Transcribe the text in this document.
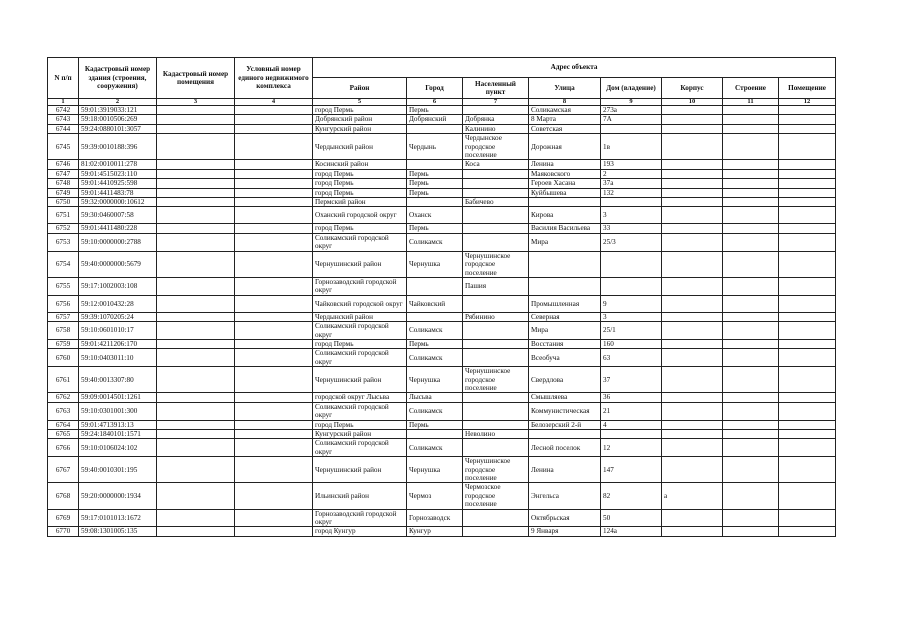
N п/п	Кадастровый номер здания (строения, сооружения)	Кадастровый номер помещения	Условный номер единого недвижимого комплекса	Адрес объекта							
				Район	Город	Населенный пункт	Улица	Дом (владение)	Корпус	Строение	Помещение
1	2	3	4	5	6	7	8	9	10	11	12
6742	59:01:3919033:121			город Пермь	Пермь		Соликамская	273а			
6743	59:18:0010506:269			Добрянский район	Добрянский	Добрянка	8 Марта	7А			
6744	59:24:0880101:3057			Кунгурский район		Калинино	Советская				
6745	59:39:0010188:396			Чердынский район	Чердынь	Чердынское городское поселение	Дорожная	1в			
6746	81:02:0010011:278			Косинский район		Коса	Ленина	193			
6747	59:01:4515023:110			город Пермь	Пермь		Маяковского	2			
6748	59:01:4410925:598			город Пермь	Пермь		Героев Хасана	37а			
6749	59:01:4411483:78			город Пермь	Пермь		Куйбышева	132			
6750	59:32:0000000:10612			Пермский район		Бабичево					
6751	59:30:0460007:58			Оханский городской округ	Оханск		Кирова	3			
6752	59:01:4411480:228			город Пермь	Пермь		Василия Васильева	33			
6753	59:10:0000000:2788			Соликамский городской округ	Соликамск		Мира	25/3			
6754	59:40:0000000:5679			Чернушинский район	Чернушка	Чернушинское городское поселение					
6755	59:17:1002003:108			Горнозаводский городской округ		Пашия					
6756	59:12:0010432:28			Чайковский городской округ	Чайковский		Промышленная	9			
6757	59:39:1070205:24			Чердынский район		Рябинино	Северная	3			
6758	59:10:0601010:17			Соликамский городской округ	Соликамск		Мира	25/1			
6759	59:01:4211206:170			город Пермь	Пермь		Восстания	160			
6760	59:10:0403011:10			Соликамский городской округ	Соликамск		Всеобуча	63			
6761	59:40:0013307:80			Чернушинский район	Чернушка	Чернушинское городское поселение	Свердлова	37			
6762	59:09:0014501:1261			городской округ Лысьва	Лысьва		Смышляева	36			
6763	59:10:0301001:300			Соликамский городской округ	Соликамск		Коммунистическая	21			
6764	59:01:4713913:13			город Пермь	Пермь		Белозерский 2-й	4			
6765	59:24:1840101:1571			Кунгурский район		Неволино					
6766	59:10:0106024:102			Соликамский городской округ	Соликамск		Лесной поселок	12			
6767	59:40:0010301:195			Чернушинский район	Чернушка	Чернушинское городское поселение	Ленина	147			
6768	59:20:0000000:1934			Ильинский район	Чермоз	Чермозское городское поселение	Энгельса	82	а		
6769	59:17:0101013:1672			Горнозаводский городской округ	Горнозаводск		Октябрьская	50			
6770	59:08:1301005:135			город Кунгур	Кунгур		9 Января	124а			
